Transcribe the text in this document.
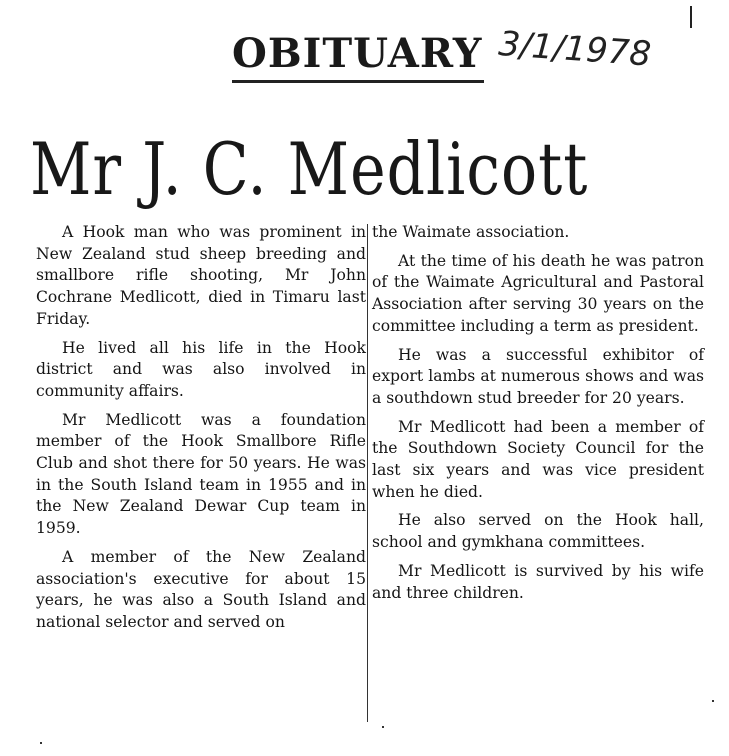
OBITUARY 3/1/1978
Mr J. C. Medlicott

A Hook man who was prominent in New Zealand stud sheep breeding and smallbore rifle shooting, Mr John Cochrane Medlicott, died in Timaru last Friday.

He lived all his life in the Hook district and was also involved in community affairs.

Mr Medlicott was a foundation member of the Hook Smallbore Rifle Club and shot there for 50 years. He was in the South Island team in 1955 and in the New Zealand Dewar Cup team in 1959.

A member of the New Zealand association's executive for about 15 years, he was also a South Island and national selector and served on

the Waimate association.

At the time of his death he was patron of the Waimate Agricultural and Pastoral Association after serving 30 years on the committee including a term as president.

He was a successful exhibitor of export lambs at numerous shows and was a southdown stud breeder for 20 years.

Mr Medlicott had been a member of the Southdown Society Council for the last six years and was vice president when he died.

He also served on the Hook hall, school and gymkhana committees.

Mr Medlicott is survived by his wife and three children.
